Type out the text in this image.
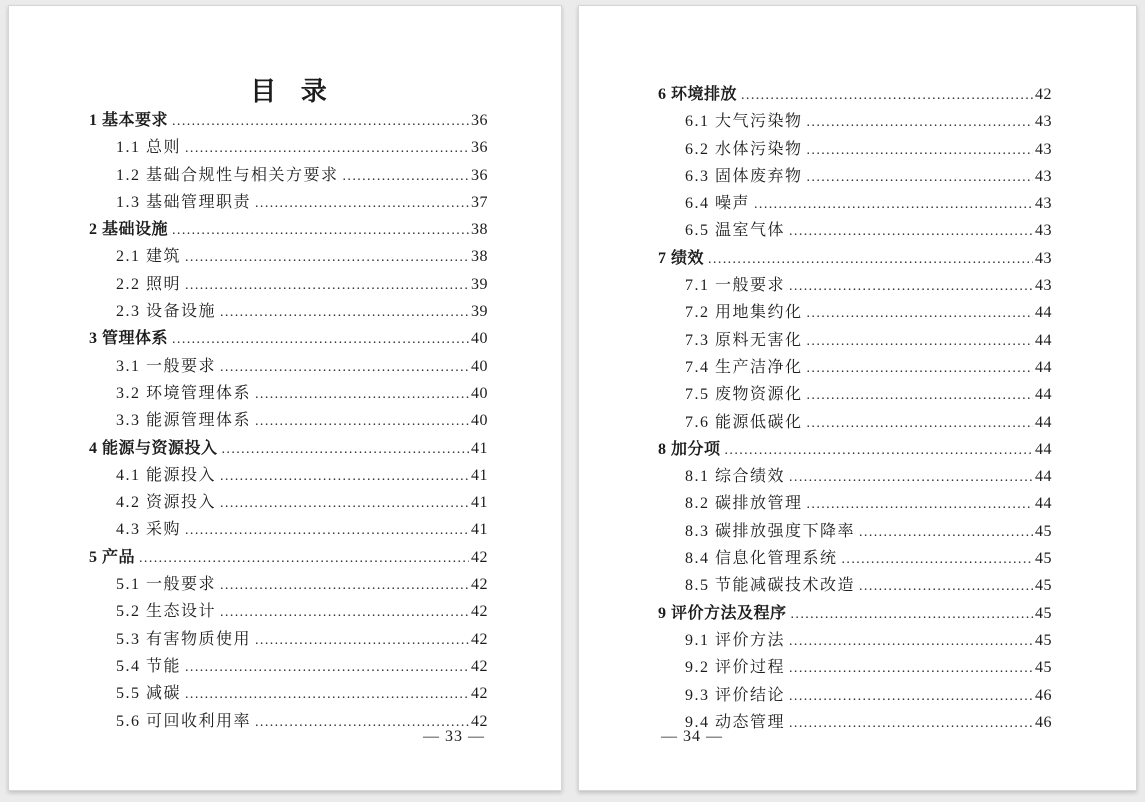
目 录
1 基本要求 .....	36
1.1 总则 .....	36
1.2 基础合规性与相关方要求 .....	36
1.3 基础管理职责 .....	37
2 基础设施 .....	38
2.1 建筑 .....	38
2.2 照明 .....	39
2.3 设备设施 .....	39
3 管理体系 .....	40
3.1 一般要求 .....	40
3.2 环境管理体系 .....	40
3.3 能源管理体系 .....	40
4 能源与资源投入 .....	41
4.1 能源投入 .....	41
4.2 资源投入 .....	41
4.3 采购 .....	41
5 产品 .....	42
5.1 一般要求 .....	42
5.2 生态设计 .....	42
5.3 有害物质使用 .....	42
5.4 节能 .....	42
5.5 减碳 .....	42
5.6 可回收利用率 .....	42
— 33 —
6 环境排放 .....	42
6.1 大气污染物 .....	43
6.2 水体污染物 .....	43
6.3 固体废弃物 .....	43
6.4 噪声 .....	43
6.5 温室气体 .....	43
7 绩效 .....	43
7.1 一般要求 .....	43
7.2 用地集约化 .....	44
7.3 原料无害化 .....	44
7.4 生产洁净化 .....	44
7.5 废物资源化 .....	44
7.6 能源低碳化 .....	44
8 加分项 .....	44
8.1 综合绩效 .....	44
8.2 碳排放管理 .....	44
8.3 碳排放强度下降率 .....	45
8.4 信息化管理系统 .....	45
8.5 节能减碳技术改造 .....	45
9 评价方法及程序 .....	45
9.1 评价方法 .....	45
9.2 评价过程 .....	45
9.3 评价结论 .....	46
9.4 动态管理 .....	46
— 34 —
